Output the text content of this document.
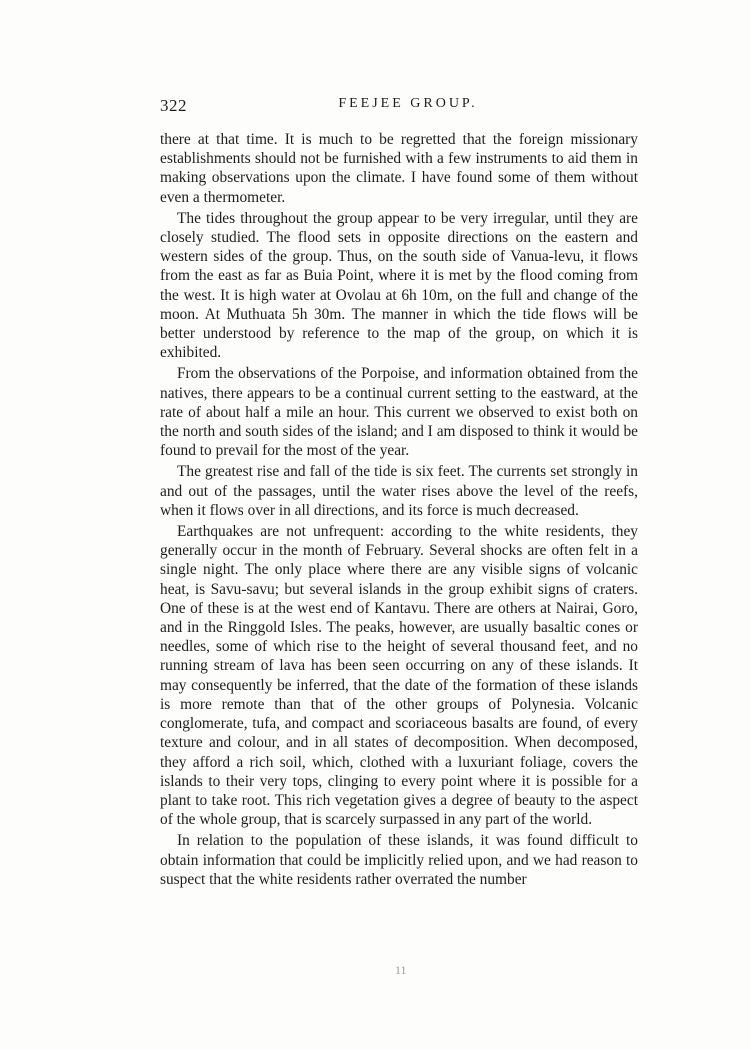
322	FEEJEE GROUP.

there at that time. It is much to be regretted that the foreign missionary establishments should not be furnished with a few instruments to aid them in making observations upon the climate. I have found some of them without even a thermometer.

The tides throughout the group appear to be very irregular, until they are closely studied. The flood sets in opposite directions on the eastern and western sides of the group. Thus, on the south side of Vanua-levu, it flows from the east as far as Buia Point, where it is met by the flood coming from the west. It is high water at Ovolau at 6h 10m, on the full and change of the moon. At Muthuata 5h 30m. The manner in which the tide flows will be better understood by reference to the map of the group, on which it is exhibited.

From the observations of the Porpoise, and information obtained from the natives, there appears to be a continual current setting to the eastward, at the rate of about half a mile an hour. This current we observed to exist both on the north and south sides of the island; and I am disposed to think it would be found to prevail for the most of the year.

The greatest rise and fall of the tide is six feet. The currents set strongly in and out of the passages, until the water rises above the level of the reefs, when it flows over in all directions, and its force is much decreased.

Earthquakes are not unfrequent: according to the white residents, they generally occur in the month of February. Several shocks are often felt in a single night. The only place where there are any visible signs of volcanic heat, is Savu-savu; but several islands in the group exhibit signs of craters. One of these is at the west end of Kantavu. There are others at Nairai, Goro, and in the Ringgold Isles. The peaks, however, are usually basaltic cones or needles, some of which rise to the height of several thousand feet, and no running stream of lava has been seen occurring on any of these islands. It may consequently be inferred, that the date of the formation of these islands is more remote than that of the other groups of Polynesia. Volcanic conglomerate, tufa, and compact and scoriaceous basalts are found, of every texture and colour, and in all states of decomposition. When decomposed, they afford a rich soil, which, clothed with a luxuriant foliage, covers the islands to their very tops, clinging to every point where it is possible for a plant to take root. This rich vegetation gives a degree of beauty to the aspect of the whole group, that is scarcely surpassed in any part of the world.

In relation to the population of these islands, it was found difficult to obtain information that could be implicitly relied upon, and we had reason to suspect that the white residents rather overrated the number

11
